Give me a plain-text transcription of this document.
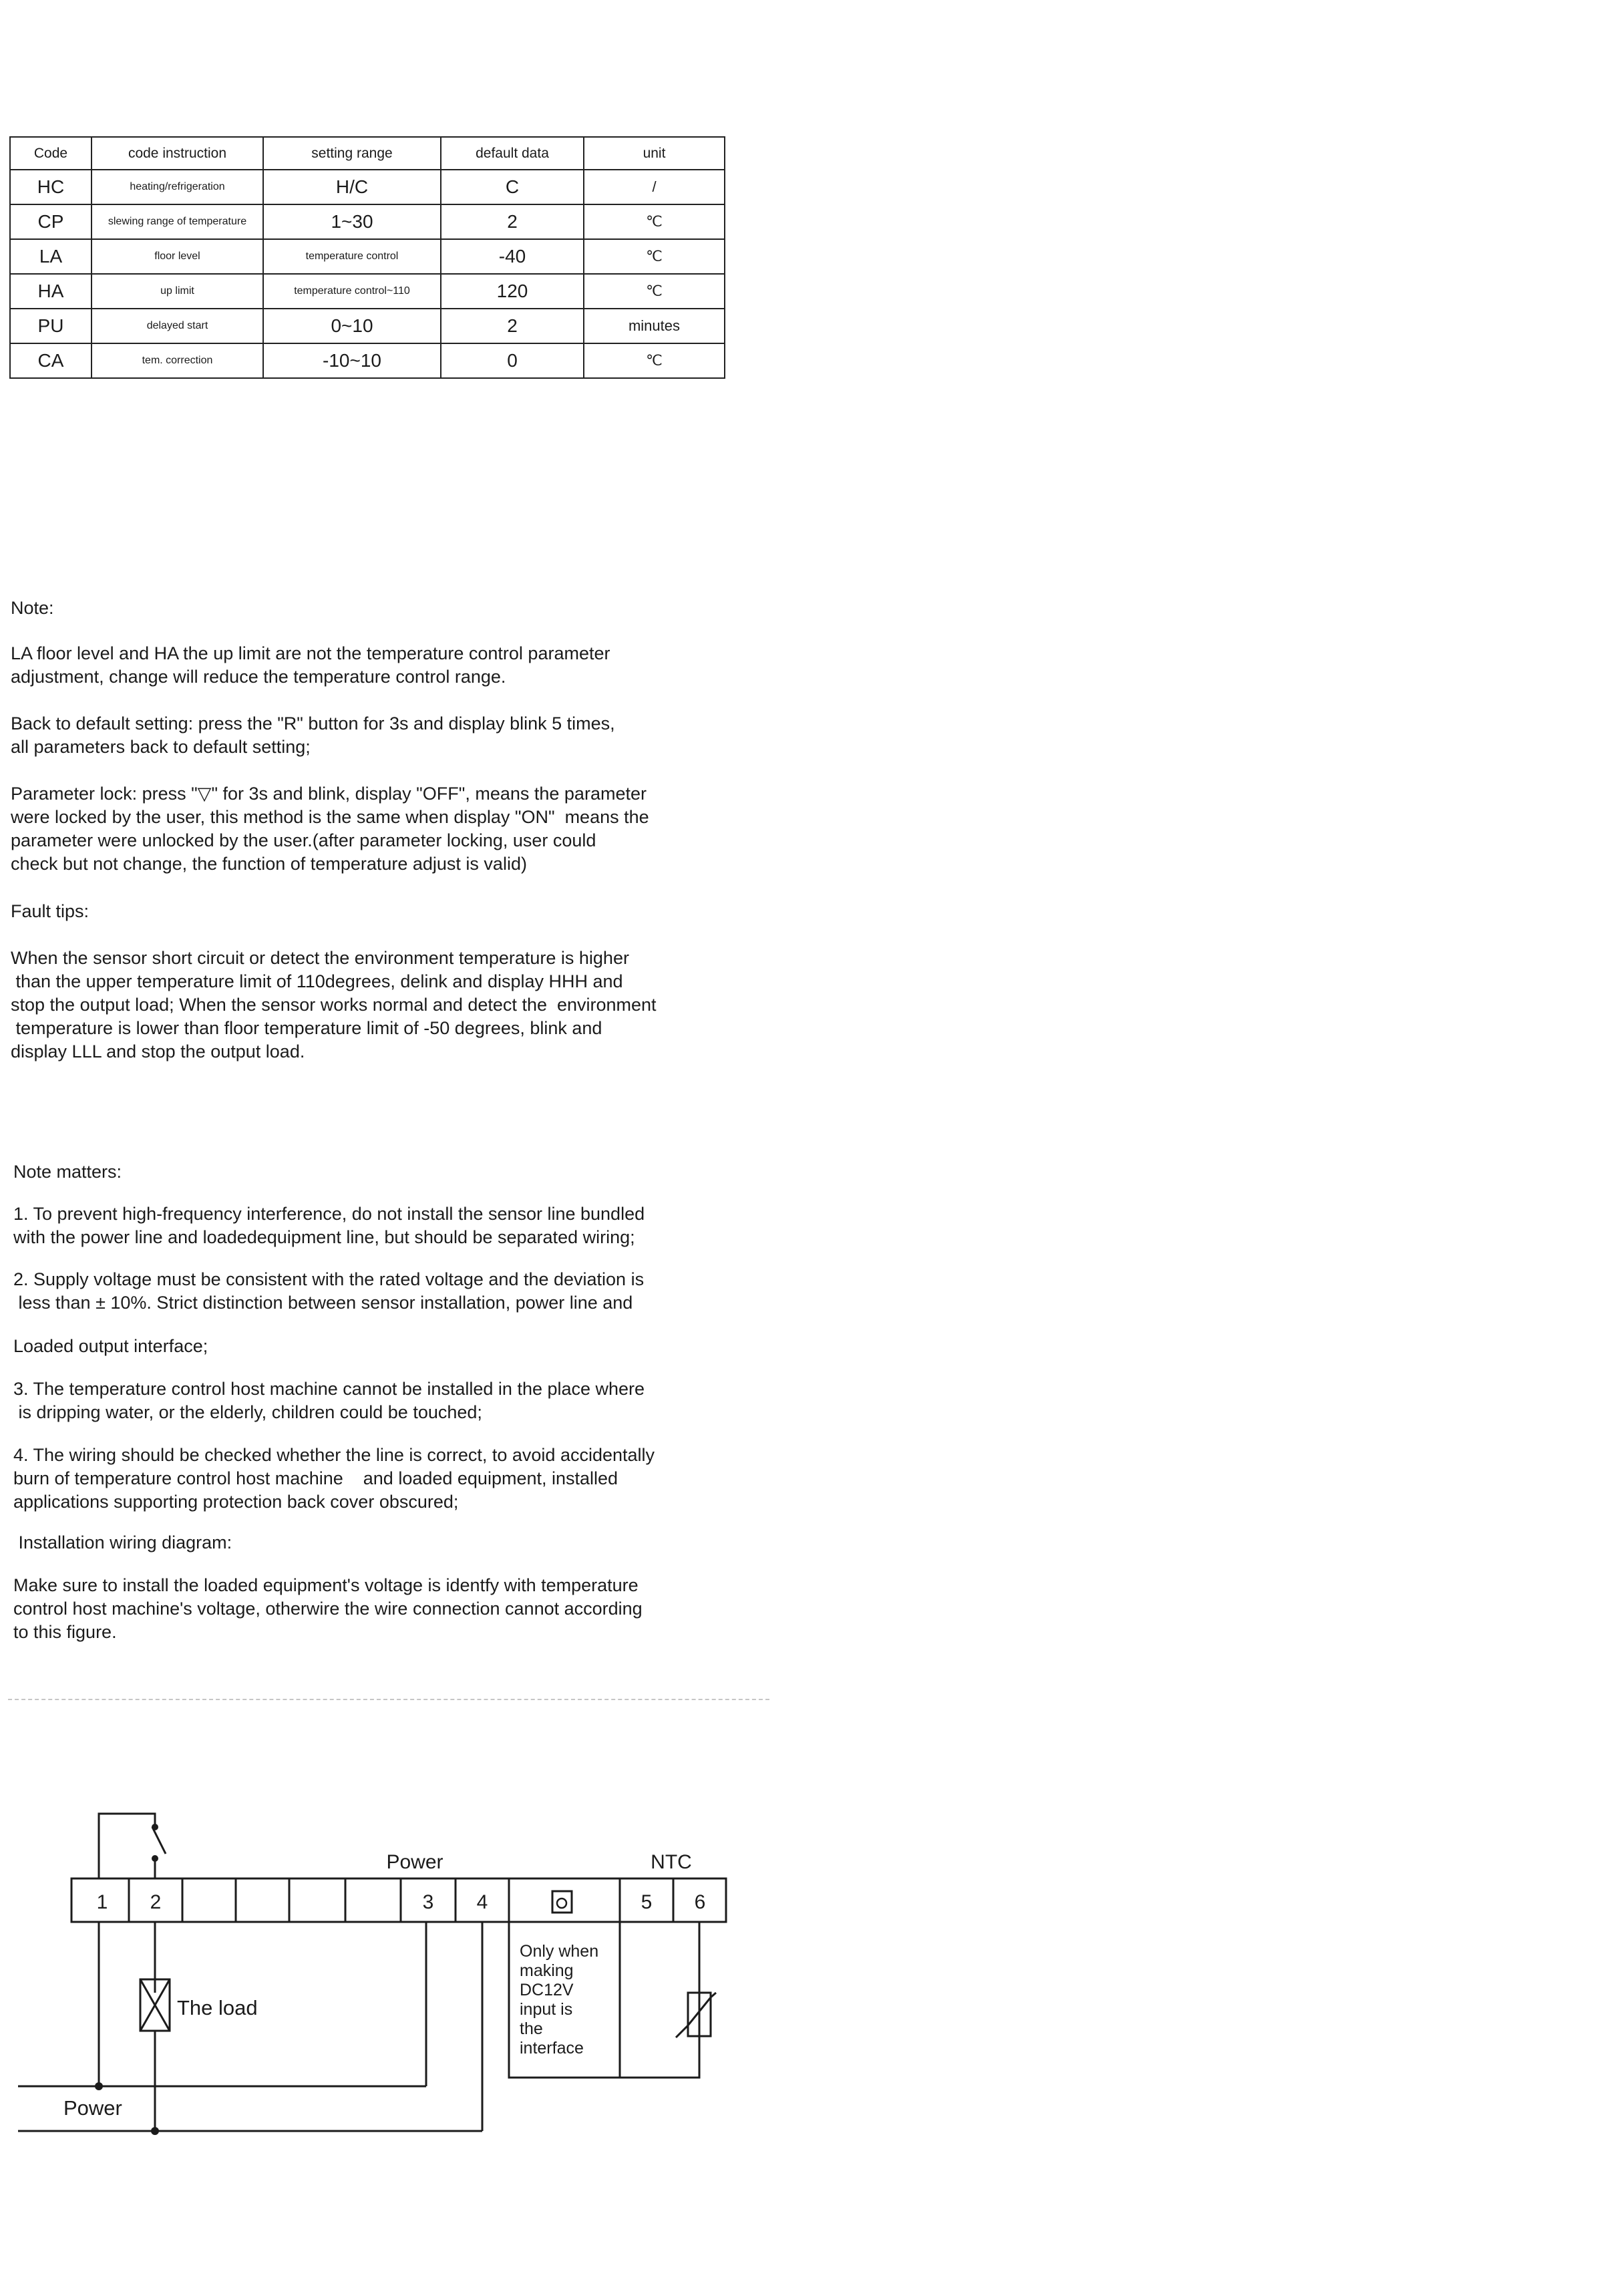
Code	code instruction	setting range	default data	unit
HC	heating/refrigeration	H/C	C	/
CP	slewing range of temperature	1~30	2	℃
LA	floor level	temperature control	-40	℃
HA	up limit	temperature control~110	120	℃
PU	delayed start	0~10	2	minutes
CA	tem. correction	-10~10	0	℃
Note:
LA floor level and HA the up limit are not the temperature control parameter
adjustment, change will reduce the temperature control range.
Back to default setting: press the "R" button for 3s and display blink 5 times,
all parameters back to default setting;
Parameter lock: press "▽" for 3s and blink, display "OFF", means the parameter
were locked by the user, this method is the same when display "ON"  means the
parameter were unlocked by the user.(after parameter locking, user could
check but not change, the function of temperature adjust is valid)
Fault tips:
When the sensor short circuit or detect the environment temperature is higher
than the upper temperature limit of 110degrees, delink and display HHH and
stop the output load; When the sensor works normal and detect the  environment
temperature is lower than floor temperature limit of -50 degrees, blink and
display LLL and stop the output load.
Note matters:
1. To prevent high-frequency interference, do not install the sensor line bundled
with the power line and loadedequipment line, but should be separated wiring;
2. Supply voltage must be consistent with the rated voltage and the deviation is
less than ± 10%. Strict distinction between sensor installation, power line and
Loaded output interface;
3. The temperature control host machine cannot be installed in the place where
is dripping water, or the elderly, children could be touched;
4. The wiring should be checked whether the line is correct, to avoid accidentally
burn of temperature control host machine    and loaded equipment, installed
applications supporting protection back cover obscured;
Installation wiring diagram:
Make sure to install the loaded equipment's voltage is identfy with temperature
control host machine's voltage, otherwire the wire connection cannot according
to this figure.
1 2	3 4	5 6
Power	NTC
The load
Power
Only when
making
DC12V
input is
the
interface
